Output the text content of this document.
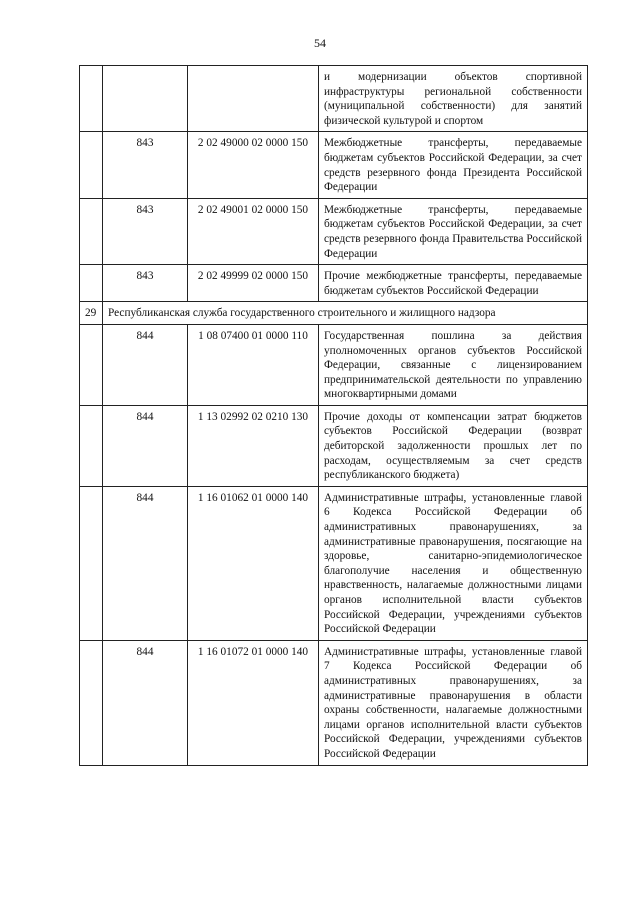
54
			и модернизации объектов спортивной инфраструктуры региональной собственности (муниципальной собственности) для занятий физической культурой и спортом
	843	2 02 49000 02 0000 150	Межбюджетные трансферты, передаваемые бюджетам субъектов Российской Федерации, за счет средств резервного фонда Президента Российской Федерации
	843	2 02 49001 02 0000 150	Межбюджетные трансферты, передаваемые бюджетам субъектов Российской Федерации, за счет средств резервного фонда Правительства Российской Федерации
	843	2 02 49999 02 0000 150	Прочие межбюджетные трансферты, передаваемые бюджетам субъектов Российской Федерации
29	Республиканская служба государственного строительного и жилищного надзора		
	844	1 08 07400 01 0000 110	Государственная пошлина за действия уполномоченных органов субъектов Российской Федерации, связанные с лицензированием предпринимательской деятельности по управлению многоквартирными домами
	844	1 13 02992 02 0210 130	Прочие доходы от компенсации затрат бюджетов субъектов Российской Федерации (возврат дебиторской задолженности прошлых лет по расходам, осуществляемым за счет средств республиканского бюджета)
	844	1 16 01062 01 0000 140	Административные штрафы, установленные главой 6 Кодекса Российской Федерации об административных правонарушениях, за административные правонарушения, посягающие на здоровье, санитарно-эпидемиологическое благополучие населения и общественную нравственность, налагаемые должностными лицами органов исполнительной власти субъектов Российской Федерации, учреждениями субъектов Российской Федерации
	844	1 16 01072 01 0000 140	Административные штрафы, установленные главой 7 Кодекса Российской Федерации об административных правонарушениях, за административные правонарушения в области охраны собственности, налагаемые должностными лицами органов исполнительной власти субъектов Российской Федерации, учреждениями субъектов Российской Федерации
